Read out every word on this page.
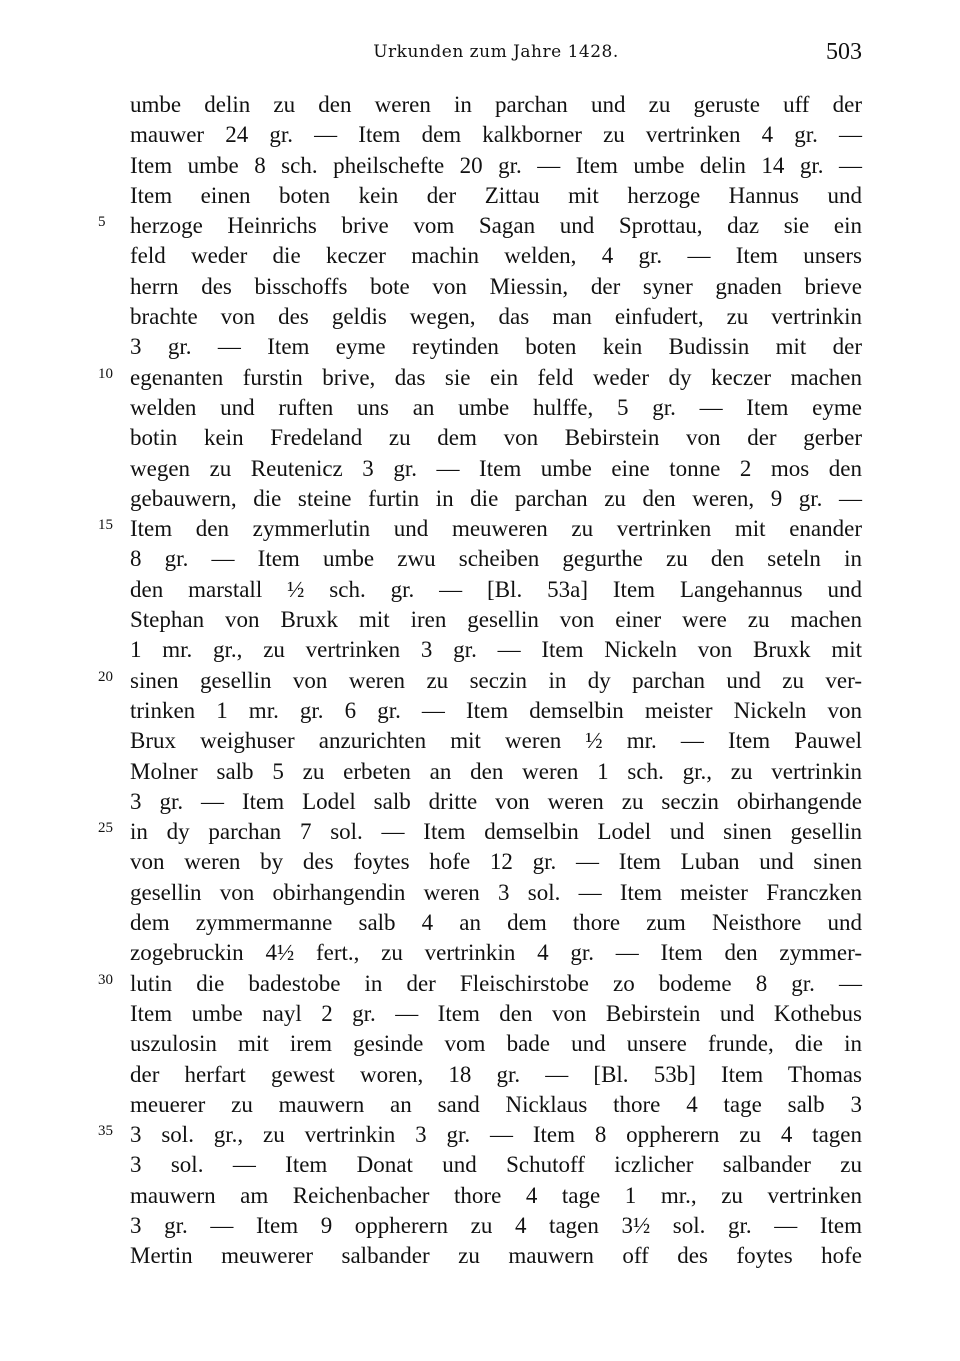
Urkunden zum Jahre 1428.	503
umbe delin zu den weren in parchan und zu geruste uff der
mauwer 24 gr. — Item dem kalkborner zu vertrinken 4 gr. —
Item umbe 8 sch. pheilschefte 20 gr. — Item umbe delin 14 gr. —
Item einen boten kein der Zittau mit herzoge Hannus und
5	herzoge Heinrichs brive vom Sagan und Sprottau, daz sie ein
feld weder die keczer machin welden, 4 gr. — Item unsers
herrn des bisschoffs bote von Miessin, der syner gnaden brieve
brachte von des geldis wegen, das man einfudert, zu vertrinkin
3 gr. — Item eyme reytinden boten kein Budissin mit der
10 egenanten furstin brive, das sie ein feld weder dy keczer machen
welden und ruften uns an umbe hulffe, 5 gr. — Item eyme
botin kein Fredeland zu dem von Bebirstein von der gerber
wegen zu Reutenicz 3 gr. — Item umbe eine tonne 2 mos den
gebauwern, die steine furtin in die parchan zu den weren, 9 gr. —
15 Item den zymmerlutin und meuweren zu vertrinken mit enander
8 gr. — Item umbe zwu scheiben gegurthe zu den seteln in
den marstall ½ sch. gr. — [Bl. 53a] Item Langehannus und
Stephan von Bruxk mit iren gesellin von einer were zu machen
1 mr. gr., zu vertrinken 3 gr. — Item Nickeln von Bruxk mit
20 sinen gesellin von weren zu seczin in dy parchan und zu ver-
trinken 1 mr. gr. 6 gr. — Item demselbin meister Nickeln von
Brux weighuser anzurichten mit weren ½ mr. — Item Pauwel
Molner salb 5 zu erbeten an den weren 1 sch. gr., zu vertrinkin
3 gr. — Item Lodel salb dritte von weren zu seczin obirhangende
25 in dy parchan 7 sol. — Item demselbin Lodel und sinen gesellin
von weren by des foytes hofe 12 gr. — Item Luban und sinen
gesellin von obirhangendin weren 3 sol. — Item meister Franczken
dem zymmermanne salb 4 an dem thore zum Neisthore und
zogebruckin 4½ fert., zu vertrinkin 4 gr. — Item den zymmer-
30 lutin die badestobe in der Fleischirstobe zo bodeme 8 gr. —
Item umbe nayl 2 gr. — Item den von Bebirstein und Kothebus
uszulosin mit irem gesinde vom bade und unsere frunde, die in
der herfart gewest woren, 18 gr. — [Bl. 53b] Item Thomas
meuerer zu mauwern an sand Nicklaus thore 4 tage salb 3
35 3 sol. gr., zu vertrinkin 3 gr. — Item 8 oppherern zu 4 tagen
3 sol. — Item Donat und Schutoff iczlicher salbander zu
mauwern am Reichenbacher thore 4 tage 1 mr., zu vertrinken
3 gr. — Item 9 oppherern zu 4 tagen 3½ sol. gr. — Item
Mertin meuwerer salbander zu mauwern off des foytes hofe
